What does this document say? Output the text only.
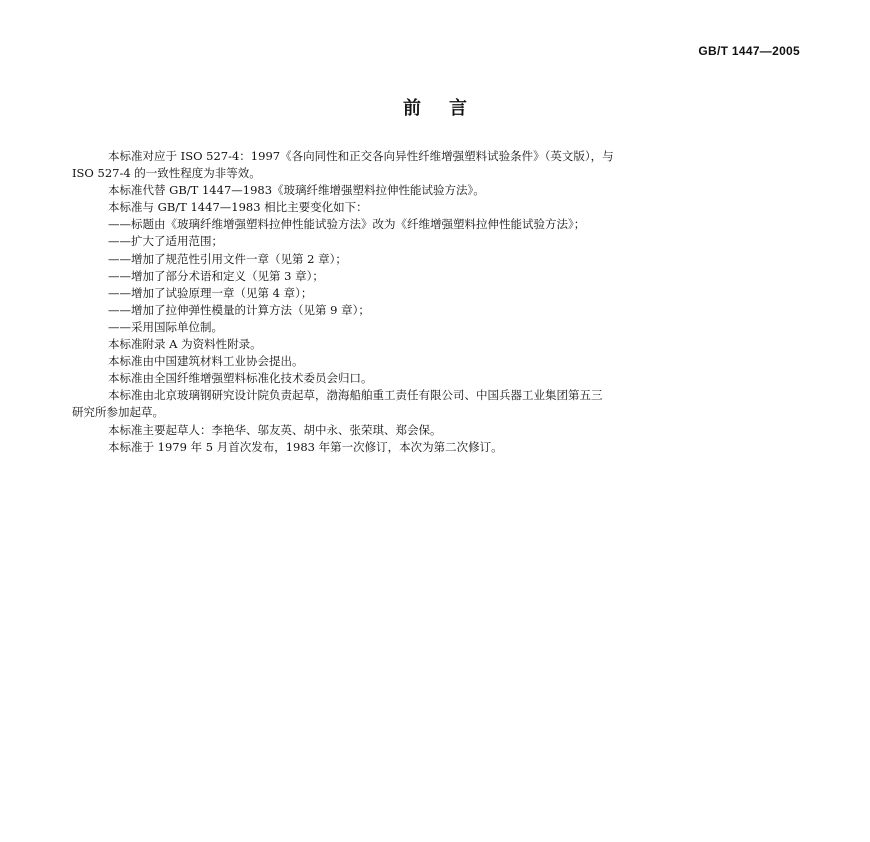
GB/T 1447—2005
前言
本标准对应于 ISO 527-4：1997《各向同性和正交各向异性纤维增强塑料试验条件》（英文版），与
ISO 527-4 的一致性程度为非等效。
本标准代替 GB/T 1447—1983《玻璃纤维增强塑料拉伸性能试验方法》。
本标准与 GB/T 1447—1983 相比主要变化如下：
——标题由《玻璃纤维增强塑料拉伸性能试验方法》改为《纤维增强塑料拉伸性能试验方法》；
——扩大了适用范围；
——增加了规范性引用文件一章（见第 2 章）；
——增加了部分术语和定义（见第 3 章）；
——增加了试验原理一章（见第 4 章）；
——增加了拉伸弹性模量的计算方法（见第 9 章）；
——采用国际单位制。
本标准附录 A 为资料性附录。
本标准由中国建筑材料工业协会提出。
本标准由全国纤维增强塑料标准化技术委员会归口。
本标准由北京玻璃钢研究设计院负责起草，渤海船舶重工责任有限公司、中国兵器工业集团第五三
研究所参加起草。
本标准主要起草人：李艳华、邬友英、胡中永、张荣琪、郑会保。
本标准于 1979 年 5 月首次发布，1983 年第一次修订，本次为第二次修订。
